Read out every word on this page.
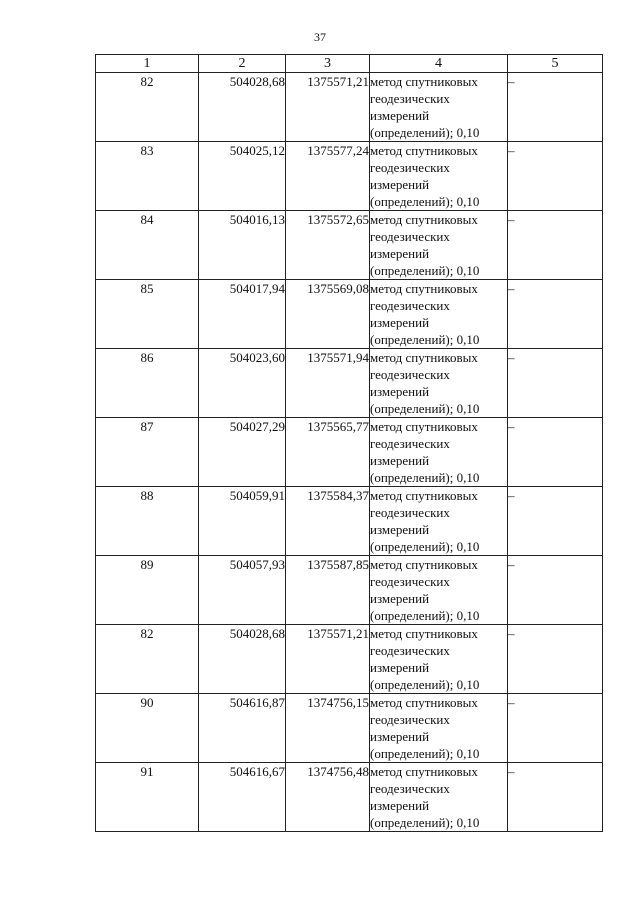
37
1	2	3	4	5
82	504028,68	1375571,21	метод спутниковых
геодезических
измерений
(определений); 0,10	–
83	504025,12	1375577,24	метод спутниковых
геодезических
измерений
(определений); 0,10	–
84	504016,13	1375572,65	метод спутниковых
геодезических
измерений
(определений); 0,10	–
85	504017,94	1375569,08	метод спутниковых
геодезических
измерений
(определений); 0,10	–
86	504023,60	1375571,94	метод спутниковых
геодезических
измерений
(определений); 0,10	–
87	504027,29	1375565,77	метод спутниковых
геодезических
измерений
(определений); 0,10	–
88	504059,91	1375584,37	метод спутниковых
геодезических
измерений
(определений); 0,10	–
89	504057,93	1375587,85	метод спутниковых
геодезических
измерений
(определений); 0,10	–
82	504028,68	1375571,21	метод спутниковых
геодезических
измерений
(определений); 0,10	–
90	504616,87	1374756,15	метод спутниковых
геодезических
измерений
(определений); 0,10	–
91	504616,67	1374756,48	метод спутниковых
геодезических
измерений
(определений); 0,10	–
